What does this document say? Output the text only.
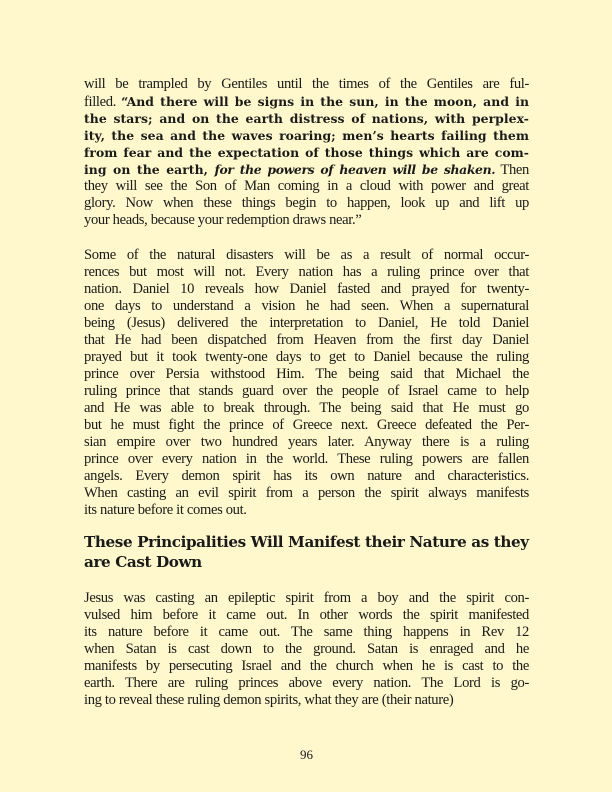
will be trampled by Gentiles until the times of the Gentiles are ful-
filled. “And there will be signs in the sun, in the moon, and in
the stars; and on the earth distress of nations, with perplex-
ity, the sea and the waves roaring; men’s hearts failing them
from fear and the expectation of those things which are com-
ing on the earth, for the powers of heaven will be shaken. Then
they will see the Son of Man coming in a cloud with power and great
glory. Now when these things begin to happen, look up and lift up
your heads, because your redemption draws near.”
Some of the natural disasters will be as a result of normal occur-
rences but most will not. Every nation has a ruling prince over that
nation. Daniel 10 reveals how Daniel fasted and prayed for twenty-
one days to understand a vision he had seen. When a supernatural
being (Jesus) delivered the interpretation to Daniel, He told Daniel
that He had been dispatched from Heaven from the first day Daniel
prayed but it took twenty-one days to get to Daniel because the ruling
prince over Persia withstood Him. The being said that Michael the
ruling prince that stands guard over the people of Israel came to help
and He was able to break through. The being said that He must go
but he must fight the prince of Greece next. Greece defeated the Per-
sian empire over two hundred years later. Anyway there is a ruling
prince over every nation in the world. These ruling powers are fallen
angels. Every demon spirit has its own nature and characteristics.
When casting an evil spirit from a person the spirit always manifests
its nature before it comes out.
These Principalities Will Manifest their Nature as they
are Cast Down
Jesus was casting an epileptic spirit from a boy and the spirit con-
vulsed him before it came out. In other words the spirit manifested
its nature before it came out. The same thing happens in Rev 12
when Satan is cast down to the ground. Satan is enraged and he
manifests by persecuting Israel and the church when he is cast to the
earth. There are ruling princes above every nation. The Lord is go-
ing to reveal these ruling demon spirits, what they are (their nature)
96
